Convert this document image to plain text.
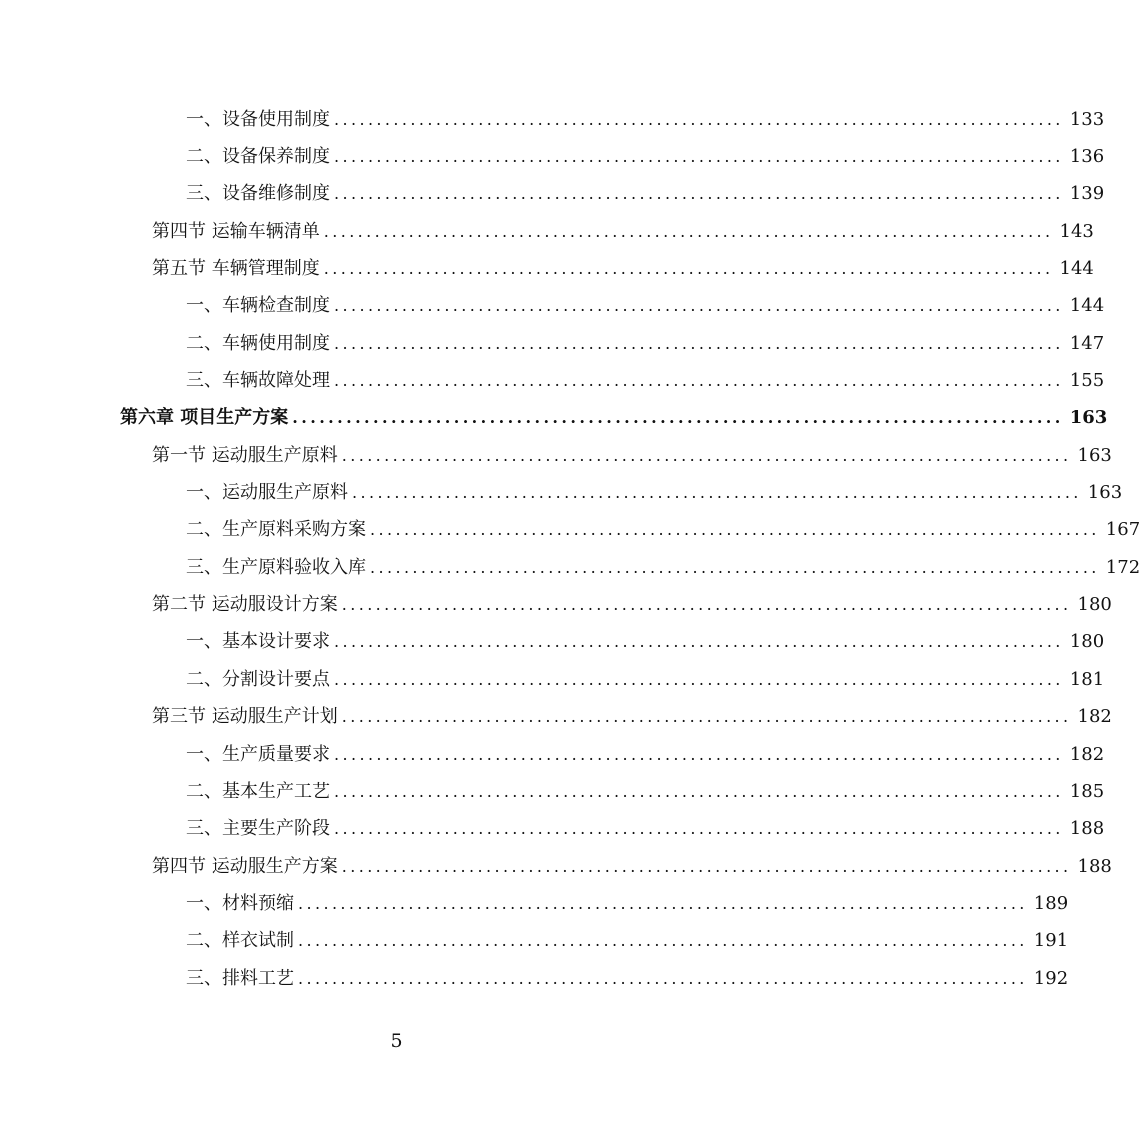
一、设备使用制度 ...................................................................................... 133
二、设备保养制度 ...................................................................................... 136
三、设备维修制度 ...................................................................................... 139
第四节 运输车辆清单 ...................................................................................... 143
第五节 车辆管理制度 ...................................................................................... 144
一、车辆检查制度 ...................................................................................... 144
二、车辆使用制度 ...................................................................................... 147
三、车辆故障处理 ...................................................................................... 155
第六章 项目生产方案 ...................................................................................... 163
第一节 运动服生产原料 ...................................................................................... 163
一、运动服生产原料 ...................................................................................... 163
二、生产原料采购方案 ...................................................................................... 167
三、生产原料验收入库 ...................................................................................... 172
第二节 运动服设计方案 ...................................................................................... 180
一、基本设计要求 ...................................................................................... 180
二、分割设计要点 ...................................................................................... 181
第三节 运动服生产计划 ...................................................................................... 182
一、生产质量要求 ...................................................................................... 182
二、基本生产工艺 ...................................................................................... 185
三、主要生产阶段 ...................................................................................... 188
第四节 运动服生产方案 ...................................................................................... 188
一、材料预缩 ...................................................................................... 189
二、样衣试制 ...................................................................................... 191
三、排料工艺 ...................................................................................... 192
5
